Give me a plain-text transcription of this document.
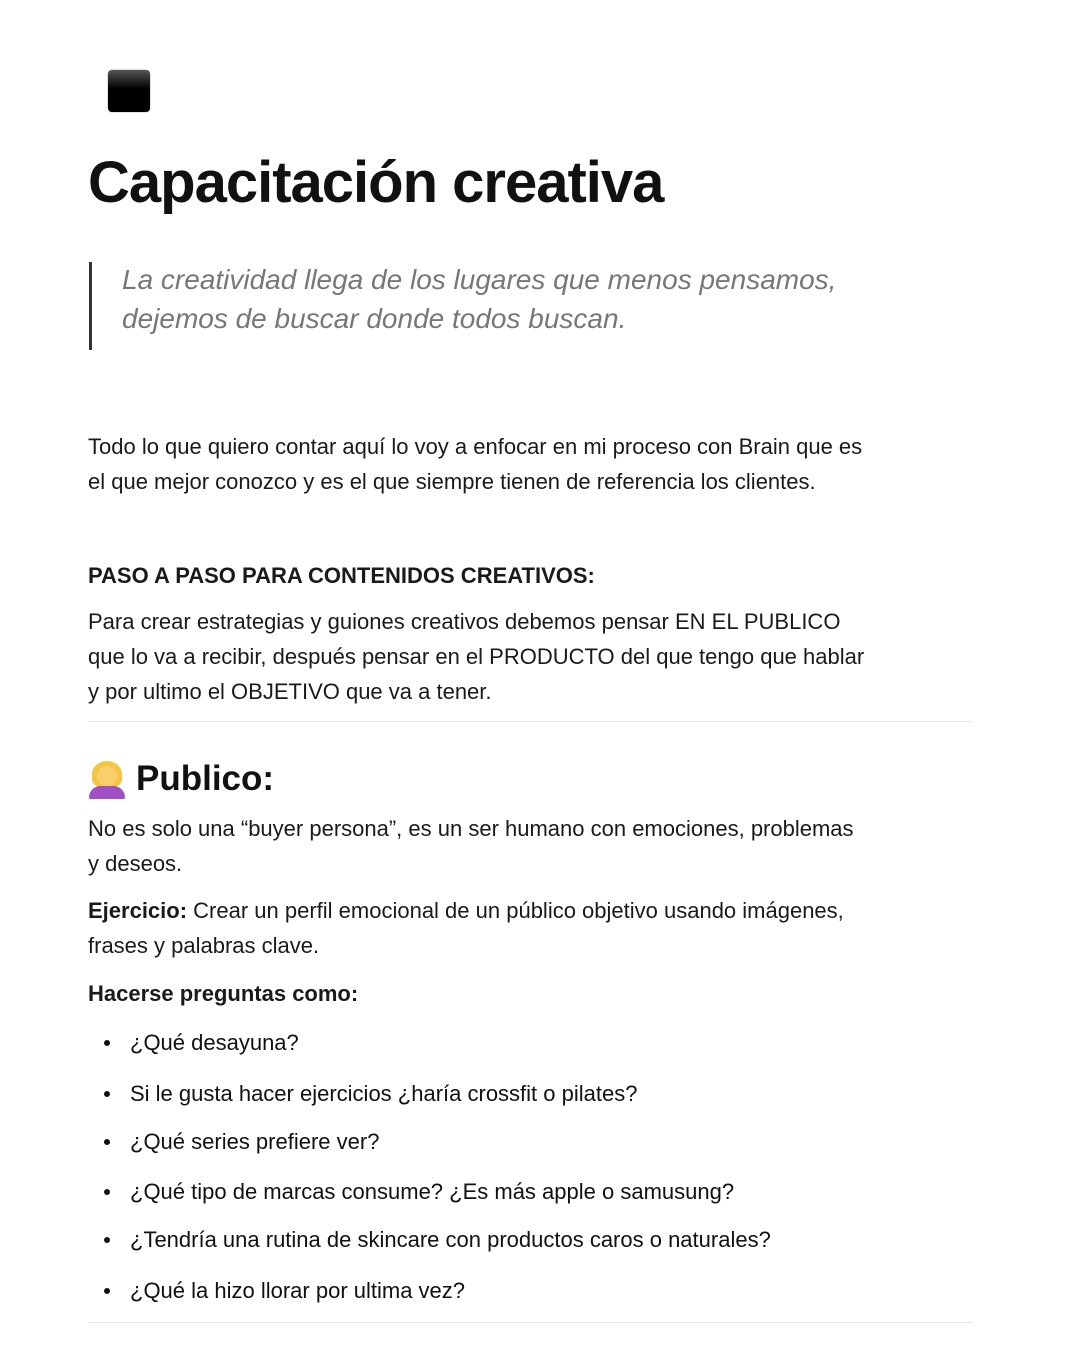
Capacitación creativa
La creatividad llega de los lugares que menos pensamos,
dejemos de buscar donde todos buscan.
Todo lo que quiero contar aquí lo voy a enfocar en mi proceso con Brain que es
el que mejor conozco y es el que siempre tienen de referencia los clientes.
PASO A PASO PARA CONTENIDOS CREATIVOS:
Para crear estrategias y guiones creativos debemos pensar EN EL PUBLICO
que lo va a recibir, después pensar en el PRODUCTO del que tengo que hablar
y por ultimo el OBJETIVO que va a tener.
Publico:
No es solo una “buyer persona”, es un ser humano con emociones, problemas
y deseos.
Ejercicio: Crear un perfil emocional de un público objetivo usando imágenes,
frases y palabras clave.
Hacerse preguntas como:
¿Qué desayuna?
Si le gusta hacer ejercicios ¿haría crossfit o pilates?
¿Qué series prefiere ver?
¿Qué tipo de marcas consume? ¿Es más apple o samusung?
¿Tendría una rutina de skincare con productos caros o naturales?
¿Qué la hizo llorar por ultima vez?
